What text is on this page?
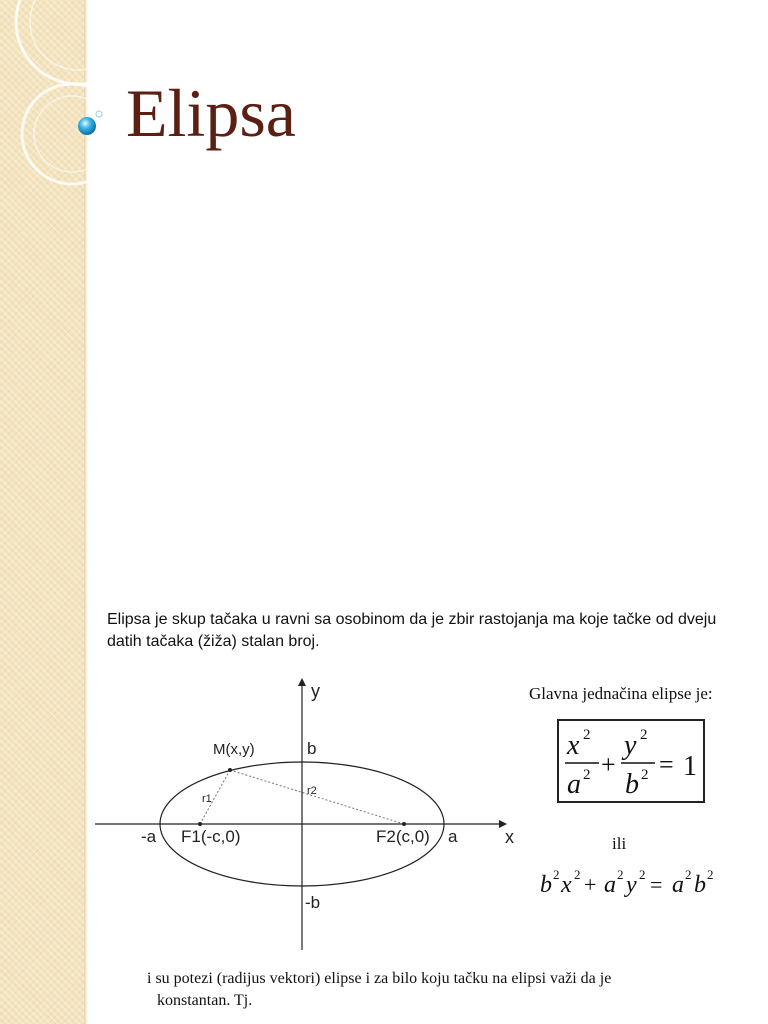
Elipsa

Elipsa je skup tačaka u ravni sa osobinom da je zbir rastojanja ma koje tačke od dveju datih tačaka (žiža) stalan broj.

y
x
M(x,y)	b
-b
-a	a
F1(-c,0)	F2(c,0)
r1
r2

Glavna jednačina elipse je:

x 2
a 2 +
y 2
b 2 = 1
ili
b 2 x 2 + a 2 y 2 = a 2 b 2

i su potezi (radijus vektori) elipse i za bilo koju tačku na elipsi važi da je
konstantan. Tj.
